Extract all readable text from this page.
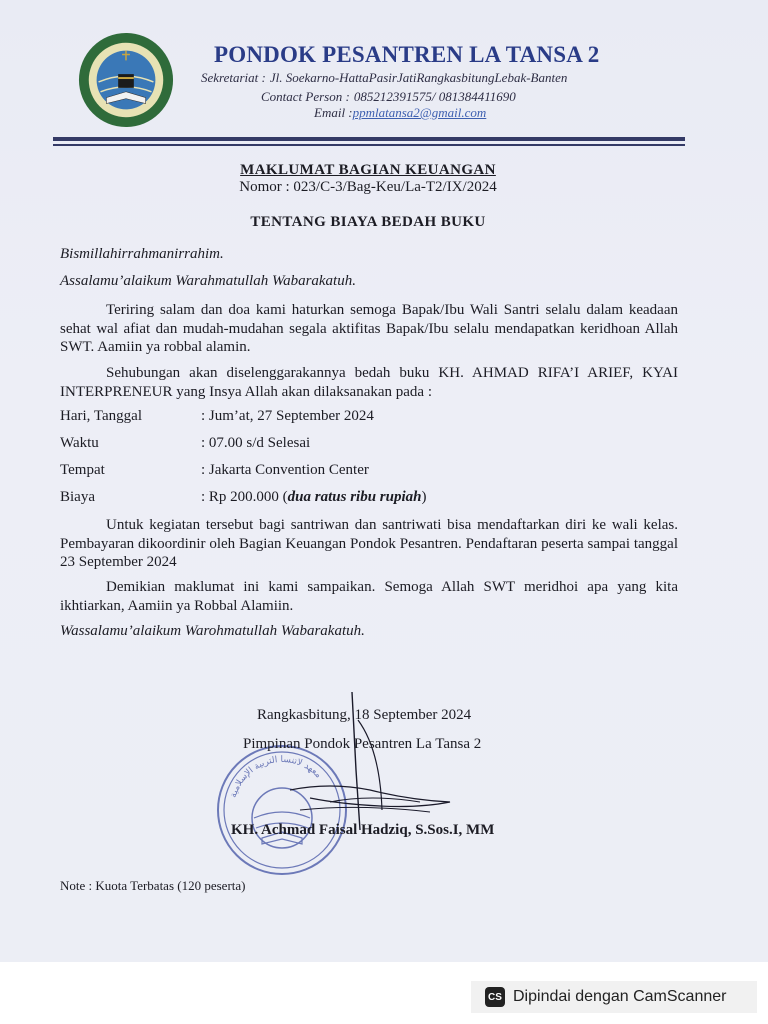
PONDOK PESANTREN LA TANSA 2
Sekretariat : Jl. Soekarno-HattaPasirJatiRangkasbitungLebak-Banten
Contact Person : 085212391575/ 081384411690
Email :ppmlatansa2@gmail.com
MAKLUMAT BAGIAN KEUANGAN
Nomor : 023/C-3/Bag-Keu/La-T2/IX/2024
TENTANG BIAYA BEDAH BUKU
Bismillahirrahmanirrahim.
Assalamu’alaikum Warahmatullah Wabarakatuh.
Teriring salam dan doa kami haturkan semoga Bapak/Ibu Wali Santri selalu dalam keadaan sehat wal afiat dan mudah-mudahan segala aktifitas Bapak/Ibu selalu mendapatkan keridhoan Allah SWT. Aamiin ya robbal alamin.
Sehubungan akan diselenggarakannya bedah buku KH. AHMAD RIFA’I ARIEF, KYAI INTERPRENEUR yang Insya Allah akan dilaksanakan pada :
Hari, Tanggal	: Jum’at, 27 September 2024
Waktu	: 07.00 s/d Selesai
Tempat	: Jakarta Convention Center
Biaya	: Rp 200.000 (dua ratus ribu rupiah)
Untuk kegiatan tersebut bagi santriwan dan santriwati bisa mendaftarkan diri ke wali kelas. Pembayaran dikoordinir oleh Bagian Keuangan Pondok Pesantren. Pendaftaran peserta sampai tanggal 23 September 2024
Demikian maklumat ini kami sampaikan. Semoga Allah SWT meridhoi apa yang kita ikhtiarkan, Aamiin ya Robbal Alamiin.
Wassalamu’alaikum Warohmatullah Wabarakatuh.
معهد لاتنسا التربية الإسلامية
Rangkasbitung, 18 September 2024
Pimpinan Pondok Pesantren La Tansa 2
KH. Achmad Faisal Hadziq, S.Sos.I, MM
Note : Kuota Terbatas (120 peserta)
CS Dipindai dengan CamScanner
